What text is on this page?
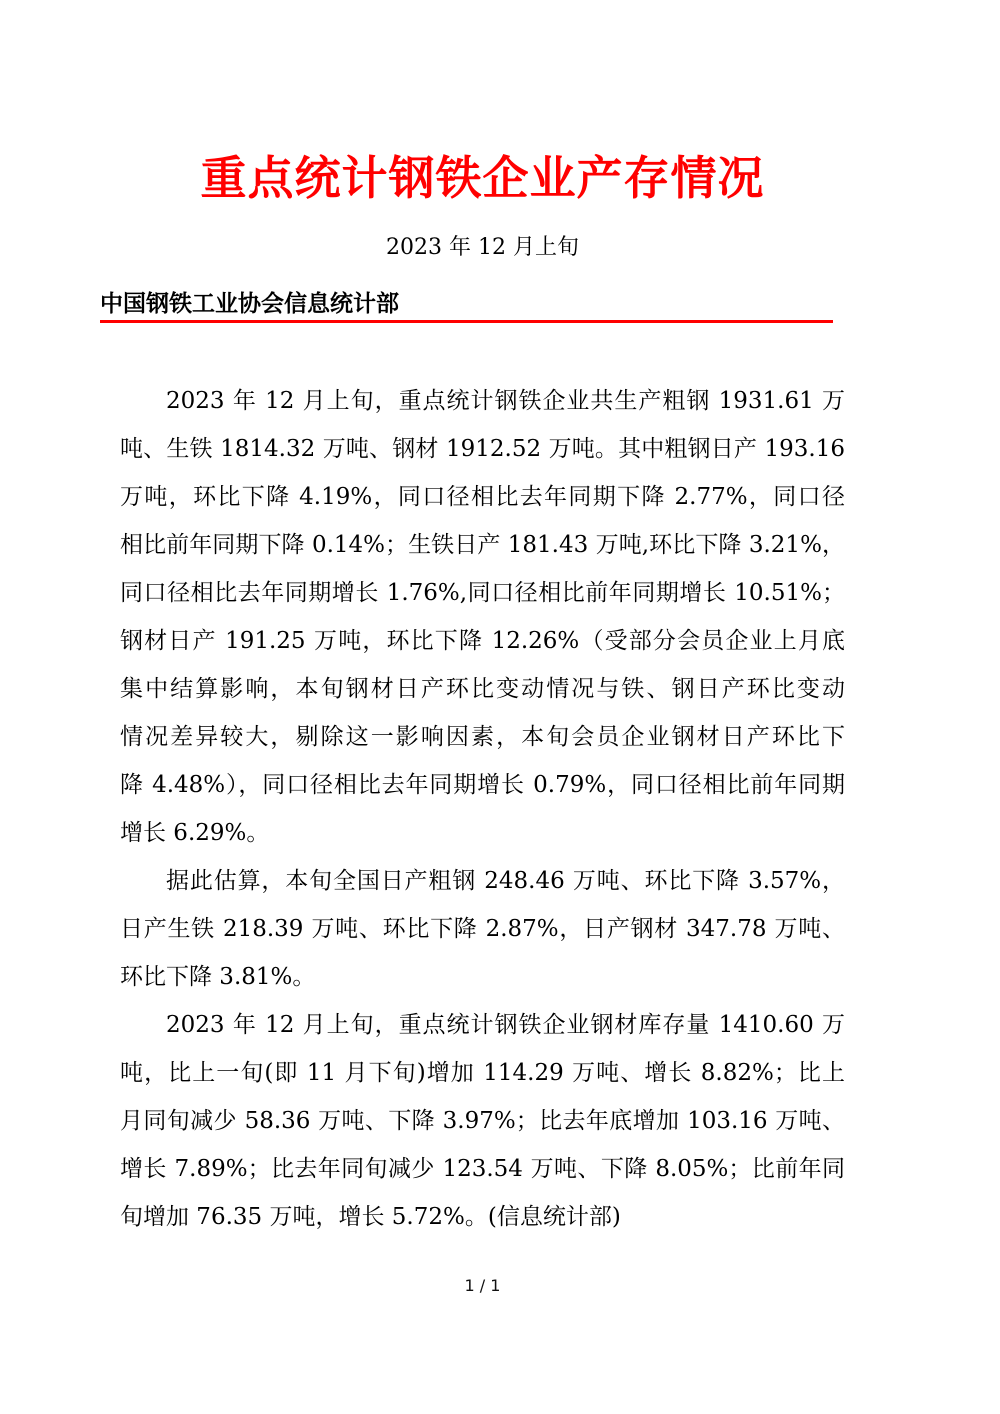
重点统计钢铁企业产存情况
2023 年 12 月上旬
中国钢铁工业协会信息统计部
2023 年 12 月上旬，重点统计钢铁企业共生产粗钢 1931.61 万
吨、生铁 1814.32 万吨、钢材 1912.52 万吨。其中粗钢日产 193.16
万吨，环比下降 4.19%，同口径相比去年同期下降 2.77%，同口径
相比前年同期下降 0.14%；生铁日产 181.43 万吨,环比下降 3.21%，
同口径相比去年同期增长 1.76%,同口径相比前年同期增长 10.51%；
钢材日产 191.25 万吨，环比下降 12.26%（受部分会员企业上月底
集中结算影响，本旬钢材日产环比变动情况与铁、钢日产环比变动
情况差异较大，剔除这一影响因素，本旬会员企业钢材日产环比下
降 4.48%），同口径相比去年同期增长 0.79%，同口径相比前年同期
增长 6.29%。
据此估算，本旬全国日产粗钢 248.46 万吨、环比下降 3.57%，
日产生铁 218.39 万吨、环比下降 2.87%，日产钢材 347.78 万吨、
环比下降 3.81%。
2023 年 12 月上旬，重点统计钢铁企业钢材库存量 1410.60 万
吨，比上一旬(即 11 月下旬)增加 114.29 万吨、增长 8.82%；比上
月同旬减少 58.36 万吨、下降 3.97%；比去年底增加 103.16 万吨、
增长 7.89%；比去年同旬减少 123.54 万吨、下降 8.05%；比前年同
旬增加 76.35 万吨，增长 5.72%。(信息统计部)
1 / 1
